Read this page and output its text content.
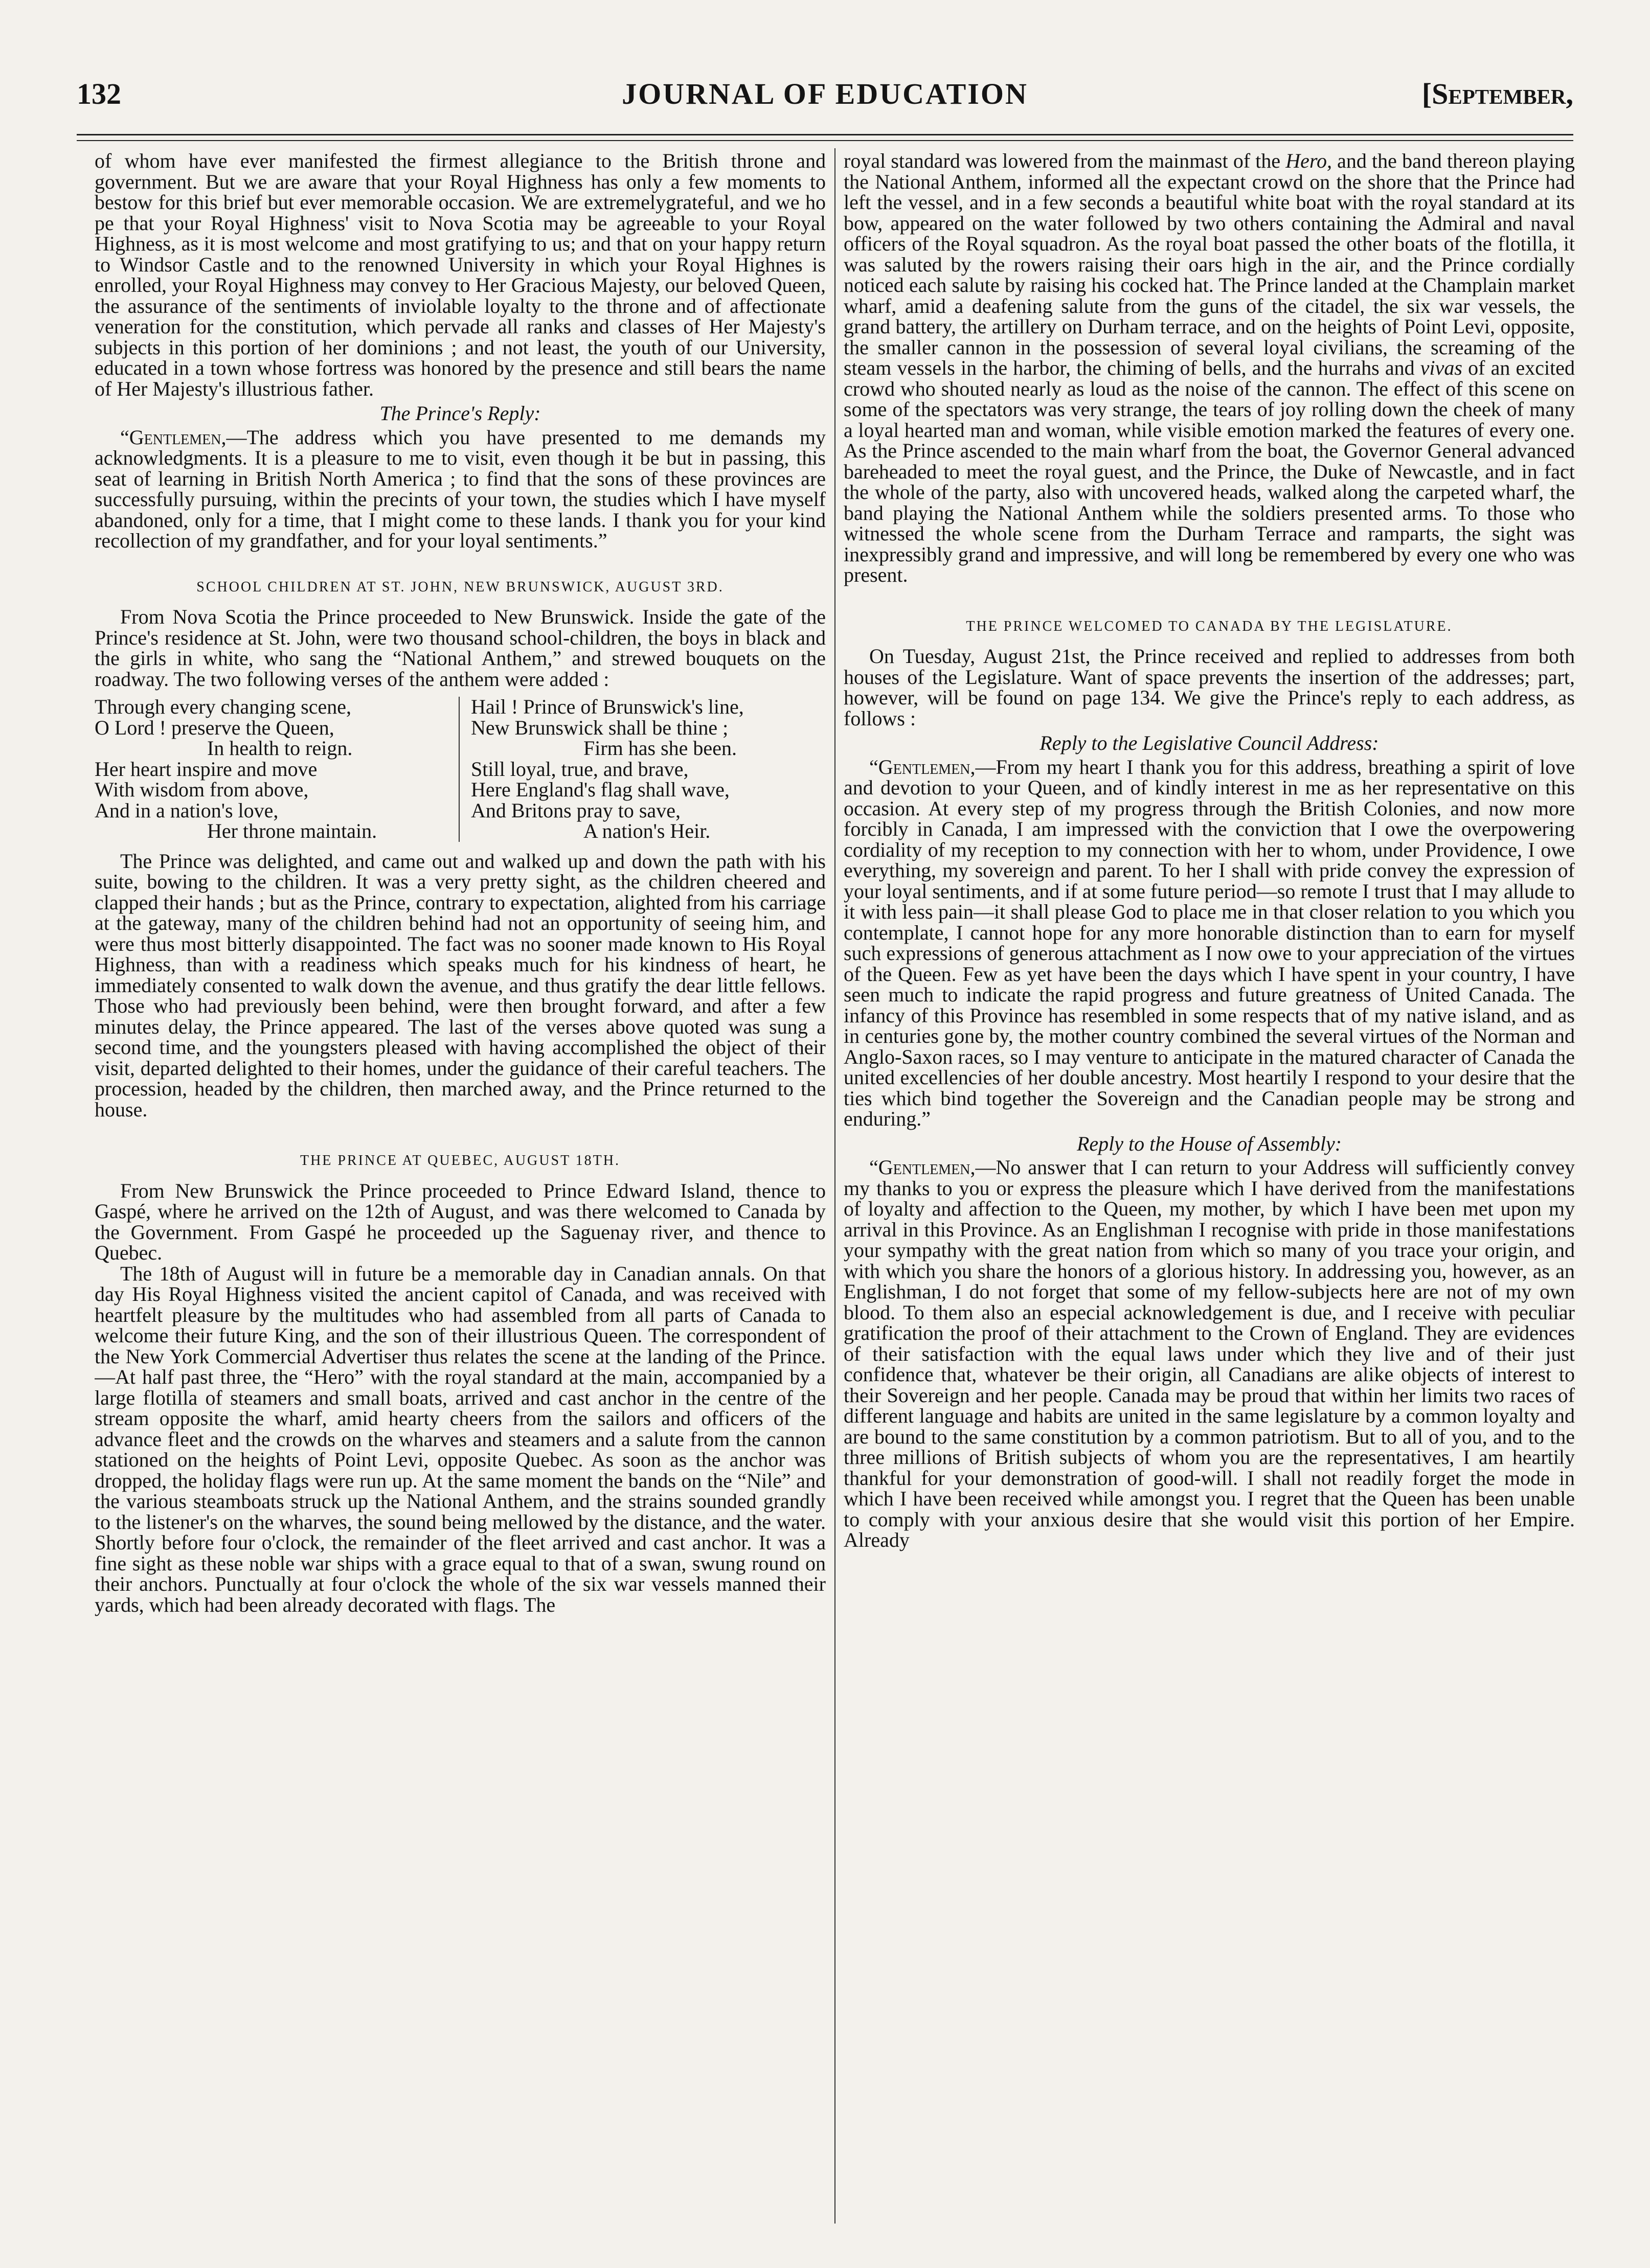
132	JOURNAL OF EDUCATION	[September,

of whom have ever manifested the firmest allegiance to the British throne and government. But we are aware that your Royal Highness has only a few moments to bestow for this brief but ever memorable occasion. We are extremelygrateful, and we ho pe that your Royal Highness' visit to Nova Scotia may be agreeable to your Royal Highness, as it is most welcome and most gratifying to us; and that on your happy return to Windsor Castle and to the renowned University in which your Royal Highnes is enrolled, your Royal Highness may convey to Her Gracious Majesty, our beloved Queen, the assurance of the sentiments of inviolable loyalty to the throne and of affectionate veneration for the constitution, which pervade all ranks and classes of Her Majesty's subjects in this portion of her dominions ; and not least, the youth of our University, educated in a town whose fortress was honored by the presence and still bears the name of Her Majesty's illustrious father.

The Prince's Reply:

“Gentlemen,—The address which you have presented to me demands my acknowledgments. It is a pleasure to me to visit, even though it be but in passing, this seat of learning in British North America ; to find that the sons of these provinces are successfully pursuing, within the precints of your town, the studies which I have myself abandoned, only for a time, that I might come to these lands. I thank you for your kind recollection of my grandfather, and for your loyal sentiments.”

SCHOOL CHILDREN AT ST. JOHN, NEW BRUNSWICK, AUGUST 3RD.

From Nova Scotia the Prince proceeded to New Brunswick. Inside the gate of the Prince's residence at St. John, were two thousand school-children, the boys in black and the girls in white, who sang the “National Anthem,” and strewed bouquets on the roadway. The two following verses of the anthem were added :

Through every changing scene,
O Lord ! preserve the Queen,
In health to reign.
Her heart inspire and move
With wisdom from above,
And in a nation's love,
Her throne maintain.
Hail ! Prince of Brunswick's line,
New Brunswick shall be thine ;
Firm has she been.
Still loyal, true, and brave,
Here England's flag shall wave,
And Britons pray to save,
A nation's Heir.

The Prince was delighted, and came out and walked up and down the path with his suite, bowing to the children. It was a very pretty sight, as the children cheered and clapped their hands ; but as the Prince, contrary to expectation, alighted from his carriage at the gateway, many of the children behind had not an opportunity of seeing him, and were thus most bitterly disappointed. The fact was no sooner made known to His Royal Highness, than with a readiness which speaks much for his kindness of heart, he immediately consented to walk down the avenue, and thus gratify the dear little fellows. Those who had previously been behind, were then brought forward, and after a few minutes delay, the Prince appeared. The last of the verses above quoted was sung a second time, and the youngsters pleased with having accomplished the object of their visit, departed delighted to their homes, under the guidance of their careful teachers. The procession, headed by the children, then marched away, and the Prince returned to the house.

THE PRINCE AT QUEBEC, AUGUST 18TH.

From New Brunswick the Prince proceeded to Prince Edward Island, thence to Gaspé, where he arrived on the 12th of August, and was there welcomed to Canada by the Government. From Gaspé he proceeded up the Saguenay river, and thence to Quebec.

The 18th of August will in future be a memorable day in Canadian annals. On that day His Royal Highness visited the ancient capitol of Canada, and was received with heartfelt pleasure by the multitudes who had assembled from all parts of Canada to welcome their future King, and the son of their illustrious Queen. The correspondent of the New York Commercial Advertiser thus relates the scene at the landing of the Prince.—At half past three, the “Hero” with the royal standard at the main, accompanied by a large flotilla of steamers and small boats, arrived and cast anchor in the centre of the stream opposite the wharf, amid hearty cheers from the sailors and officers of the advance fleet and the crowds on the wharves and steamers and a salute from the cannon stationed on the heights of Point Levi, opposite Quebec. As soon as the anchor was dropped, the holiday flags were run up. At the same moment the bands on the “Nile” and the various steamboats struck up the National Anthem, and the strains sounded grandly to the listener's on the wharves, the sound being mellowed by the distance, and the water. Shortly before four o'clock, the remainder of the fleet arrived and cast anchor. It was a fine sight as these noble war ships with a grace equal to that of a swan, swung round on their anchors. Punctually at four o'clock the whole of the six war vessels manned their yards, which had been already decorated with flags. The

royal standard was lowered from the mainmast of the Hero, and the band thereon playing the National Anthem, informed all the expectant crowd on the shore that the Prince had left the vessel, and in a few seconds a beautiful white boat with the royal standard at its bow, appeared on the water followed by two others containing the Admiral and naval officers of the Royal squadron. As the royal boat passed the other boats of the flotilla, it was saluted by the rowers raising their oars high in the air, and the Prince cordially noticed each salute by raising his cocked hat. The Prince landed at the Champlain market wharf, amid a deafening salute from the guns of the citadel, the six war vessels, the grand battery, the artillery on Durham terrace, and on the heights of Point Levi, opposite, the smaller cannon in the possession of several loyal civilians, the screaming of the steam vessels in the harbor, the chiming of bells, and the hurrahs and vivas of an excited crowd who shouted nearly as loud as the noise of the cannon. The effect of this scene on some of the spectators was very strange, the tears of joy rolling down the cheek of many a loyal hearted man and woman, while visible emotion marked the features of every one. As the Prince ascended to the main wharf from the boat, the Governor General advanced bareheaded to meet the royal guest, and the Prince, the Duke of Newcastle, and in fact the whole of the party, also with uncovered heads, walked along the carpeted wharf, the band playing the National Anthem while the soldiers presented arms. To those who witnessed the whole scene from the Durham Terrace and ramparts, the sight was inexpressibly grand and impressive, and will long be remembered by every one who was present.

THE PRINCE WELCOMED TO CANADA BY THE LEGISLATURE.

On Tuesday, August 21st, the Prince received and replied to addresses from both houses of the Legislature. Want of space prevents the insertion of the addresses; part, however, will be found on page 134. We give the Prince's reply to each address, as follows :

Reply to the Legislative Council Address:

“Gentlemen,—From my heart I thank you for this address, breathing a spirit of love and devotion to your Queen, and of kindly interest in me as her representative on this occasion. At every step of my progress through the British Colonies, and now more forcibly in Canada, I am impressed with the conviction that I owe the overpowering cordiality of my reception to my connection with her to whom, under Providence, I owe everything, my sovereign and parent. To her I shall with pride convey the expression of your loyal sentiments, and if at some future period—so remote I trust that I may allude to it with less pain—it shall please God to place me in that closer relation to you which you contemplate, I cannot hope for any more honorable distinction than to earn for myself such expressions of generous attachment as I now owe to your appreciation of the virtues of the Queen. Few as yet have been the days which I have spent in your country, I have seen much to indicate the rapid progress and future greatness of United Canada. The infancy of this Province has resembled in some respects that of my native island, and as in centuries gone by, the mother country combined the several virtues of the Norman and Anglo-Saxon races, so I may venture to anticipate in the matured character of Canada the united excellencies of her double ancestry. Most heartily I respond to your desire that the ties which bind together the Sovereign and the Canadian people may be strong and enduring.”

Reply to the House of Assembly:

“Gentlemen,—No answer that I can return to your Address will sufficiently convey my thanks to you or express the pleasure which I have derived from the manifestations of loyalty and affection to the Queen, my mother, by which I have been met upon my arrival in this Province. As an Englishman I recognise with pride in those manifestations your sympathy with the great nation from which so many of you trace your origin, and with which you share the honors of a glorious history. In addressing you, however, as an Englishman, I do not forget that some of my fellow-subjects here are not of my own blood. To them also an especial acknowledgement is due, and I receive with peculiar gratification the proof of their attachment to the Crown of England. They are evidences of their satisfaction with the equal laws under which they live and of their just confidence that, whatever be their origin, all Canadians are alike objects of interest to their Sovereign and her people. Canada may be proud that within her limits two races of different language and habits are united in the same legislature by a common loyalty and are bound to the same constitution by a common patriotism. But to all of you, and to the three millions of British subjects of whom you are the representatives, I am heartily thankful for your demonstration of good-will. I shall not readily forget the mode in which I have been received while amongst you. I regret that the Queen has been unable to comply with your anxious desire that she would visit this portion of her Empire. Already
